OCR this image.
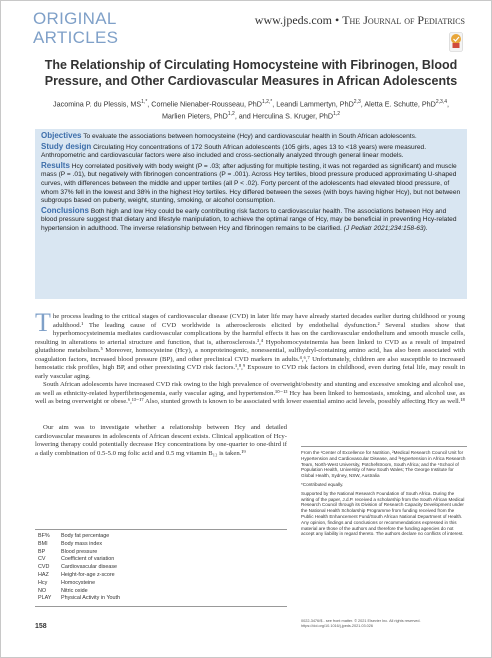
ORIGINAL
ARTICLES
www.jpeds.com • The Journal of Pediatrics
The Relationship of Circulating Homocysteine with Fibrinogen, Blood Pressure, and Other Cardiovascular Measures in African Adolescents
Jacomina P. du Plessis, $MS^{1,*}$, Cornelie Nienaber-Rousseau, PhD$^{1,2,*}$, Leandi Lammertyn, PhD$^{2,3}$, Aletta E. Schutte, PhD$^{2,3,4}$,
Marlien Pieters, PhD$^{1,2}$, and Herculina S. Kruger, PhD$^{1,2}$

Objectives To evaluate the associations between homocysteine (Hcy) and cardiovascular health in South African adolescents.

Study design Circulating Hcy concentrations of 172 South African adolescents (105 girls, ages 13 to <18 years) were measured. Anthropometric and cardiovascular factors were also included and cross-sectionally analyzed through general linear models.

Results Hcy correlated positively with body weight (P = .03; after adjusting for multiple testing, it was not regarded as significant) and muscle mass (P = .01), but negatively with fibrinogen concentrations (P = .001). Across Hcy tertiles, blood pressure produced approximating U-shaped curves, with differences between the middle and upper tertiles (all P < .02). Forty percent of the adolescents had elevated blood pressure, of whom 37% fell in the lowest and 38% in the highest Hcy tertiles. Hcy differed between the sexes (with boys having higher Hcy), but not between subgroups based on puberty, weight, stunting, smoking, or alcohol consumption.

Conclusions Both high and low Hcy could be early contributing risk factors to cardiovascular health. The associations between Hcy and blood pressure suggest that dietary and lifestyle manipulation, to achieve the optimal range of Hcy, may be beneficial in preventing Hcy-related hypertension in adulthood. The inverse relationship between Hcy and fibrinogen remains to be clarified. (J Pediatr 2021;234:158-63).

The process leading to the critical stages of cardiovascular disease (CVD) in later life may have already started decades earlier during childhood or young adulthood.¹ The leading cause of CVD worldwide is atherosclerosis elicited by endothelial dysfunction.² Several studies show that hyperhomocysteinemia mediates cardiovascular complications by the harmful effects it has on the cardiovascular endothelium and smooth muscle cells, resulting in alterations to arterial structure and function, that is, atherosclerosis.³,⁴ Hypohomocysteinemia has been linked to CVD as a result of impaired glutathione metabolism.⁵ Moreover, homocysteine (Hcy), a nonproteinogenic, nonessential, sulfhydryl-containing amino acid, has also been associated with coagulation factors, increased blood pressure (BP), and other preclinical CVD markers in adults.⁴,⁶,⁷ Unfortunately, children are also susceptible to increased hemostatic risk profiles, high BP, and other preexisting CVD risk factors.¹,⁸,⁹ Exposure to CVD risk factors in childhood, even during fetal life, may result in early vascular aging.

South African adolescents have increased CVD risk owing to the high prevalence of overweight/obesity and stunting and excessive smoking and alcohol use, as well as ethnicity-related hyperfibrinogenemia, early vascular aging, and hypertension.¹⁰⁻¹³ Hcy has been linked to hemostasis, smoking, and alcohol use, as well as being overweight or obese.⁶,¹³⁻¹⁷ Also, stunted growth is known to be associated with lower essential amino acid levels, possibly affecting Hcy as well.¹⁸

Our aim was to investigate whether a relationship between Hcy and detailed cardiovascular measures in adolescents of African descent exists. Clinical application of Hcy-lowering therapy could potentially decrease Hcy concentrations by one-quarter to one-third if a daily combination of 0.5-5.0 mg folic acid and 0.5 mg vitamin B₁₂ is taken.¹⁹	From the ¹Center of Excellence for Nutrition, ²Medical Research Council Unit for Hypertension and Cardiovascular Disease, and ³Hypertension in Africa Research Team, North-West University, Potchefstroom, South Africa; and the ⁴School of Population Health, University of New South Wales; The George Institute for Global Health, Sydney, NSW, Australia

*Contributed equally.

Supported by the National Research Foundation of South Africa. During the writing of the paper, J.d.P. received a scholarship from the South African Medical Research Council through its Division of Research Capacity Development under the National Health Scholarship Programme from funding received from the Public Health Enhancement Fund/South African National Department of Health. Any opinion, findings and conclusions or recommendations expressed in this material are those of the authors and therefore the funding agencies do not accept any liability in regard thereto. The authors declare no conflicts of interest.

BF%	Body fat percentage
BMI	Body mass index
BP	Blood pressure
CV	Coefficient of variation
CVD	Cardiovascular disease
HAZ	Height-for-age z-score
Hcy	Homocysteine
NO	Nitric oxide
PLAY	Physical Activity in Youth
158
0022-3476/$ - see front matter. © 2021 Elsevier Inc. All rights reserved.
https://doi.org/10.1016/j.jpeds.2021.03.026
